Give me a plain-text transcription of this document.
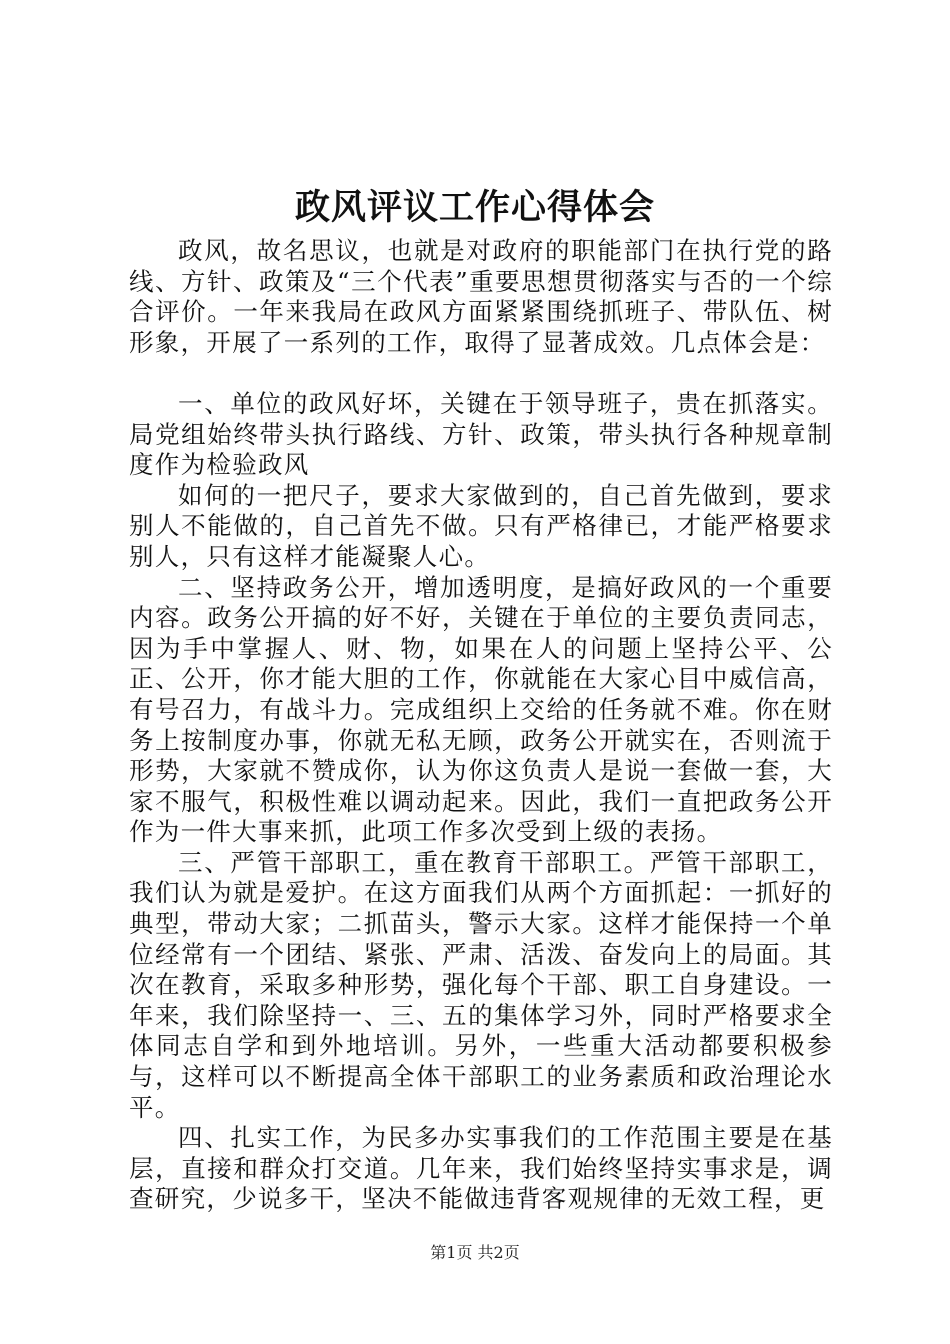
政风评议工作心得体会

政风，故名思议，也就是对政府的职能部门在执行党的路线、方针、政策及“三个代表”重要思想贯彻落实与否的一个综合评价。一年来我局在政风方面紧紧围绕抓班子、带队伍、树形象，开展了一系列的工作，取得了显著成效。几点体会是：

一、单位的政风好坏，关键在于领导班子，贵在抓落实。局党组始终带头执行路线、方针、政策，带头执行各种规章制度作为检验政风

如何的一把尺子，要求大家做到的，自己首先做到，要求别人不能做的，自己首先不做。只有严格律已，才能严格要求别人，只有这样才能凝聚人心。

二、坚持政务公开，增加透明度，是搞好政风的一个重要内容。政务公开搞的好不好，关键在于单位的主要负责同志，因为手中掌握人、财、物，如果在人的问题上坚持公平、公正、公开，你才能大胆的工作，你就能在大家心目中威信高，有号召力，有战斗力。完成组织上交给的任务就不难。你在财务上按制度办事，你就无私无顾，政务公开就实在，否则流于形势，大家就不赞成你，认为你这负责人是说一套做一套，大家不服气，积极性难以调动起来。因此，我们一直把政务公开作为一件大事来抓，此项工作多次受到上级的表扬。

三、严管干部职工，重在教育干部职工。严管干部职工，我们认为就是爱护。在这方面我们从两个方面抓起：一抓好的典型，带动大家；二抓苗头，警示大家。这样才能保持一个单位经常有一个团结、紧张、严肃、活泼、奋发向上的局面。其次在教育，采取多种形势，强化每个干部、职工自身建设。一年来，我们除坚持一、三、五的集体学习外，同时严格要求全体同志自学和到外地培训。另外，一些重大活动都要积极参与，这样可以不断提高全体干部职工的业务素质和政治理论水平。

四、扎实工作，为民多办实事我们的工作范围主要是在基层，直接和群众打交道。几年来，我们始终坚持实事求是，调查研究，少说多干，坚决不能做违背客观规律的无效工程，更

第1页 共2页
